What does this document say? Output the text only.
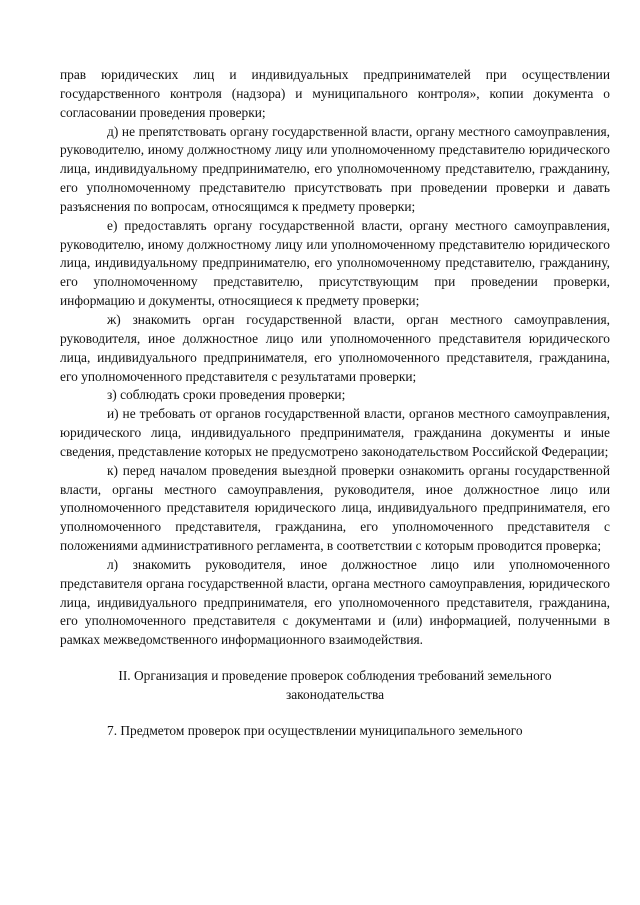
прав юридических лиц и индивидуальных предпринимателей при осуществлении государственного контроля (надзора) и муниципального контроля», копии документа о согласовании проведения проверки;

д) не препятствовать органу государственной власти, органу местного самоуправления, руководителю, иному должностному лицу или уполномоченному представителю юридического лица, индивидуальному предпринимателю, его уполномоченному представителю, гражданину, его уполномоченному представителю присутствовать при проведении проверки и давать разъяснения по вопросам, относящимся к предмету проверки;

е) предоставлять органу государственной власти, органу местного самоуправления, руководителю, иному должностному лицу или уполномоченному представителю юридического лица, индивидуальному предпринимателю, его уполномоченному представителю, гражданину, его уполномоченному представителю, присутствующим при проведении проверки, информацию и документы, относящиеся к предмету проверки;

ж) знакомить орган государственной власти, орган местного самоуправления, руководителя, иное должностное лицо или уполномоченного представителя юридического лица, индивидуального предпринимателя, его уполномоченного представителя, гражданина, его уполномоченного представителя с результатами проверки;

з) соблюдать сроки проведения проверки;

и) не требовать от органов государственной власти, органов местного самоуправления, юридического лица, индивидуального предпринимателя, гражданина документы и иные сведения, представление которых не предусмотрено законодательством Российской Федерации;

к) перед началом проведения выездной проверки ознакомить органы государственной власти, органы местного самоуправления, руководителя, иное должностное лицо или уполномоченного представителя юридического лица, индивидуального предпринимателя, его уполномоченного представителя, гражданина, его уполномоченного представителя с положениями административного регламента, в соответствии с которым проводится проверка;

л) знакомить руководителя, иное должностное лицо или уполномоченного представителя органа государственной власти, органа местного самоуправления, юридического лица, индивидуального предпринимателя, его уполномоченного представителя, гражданина, его уполномоченного представителя с документами и (или) информацией, полученными в рамках межведомственного информационного взаимодействия.

II. Организация и проведение проверок соблюдения требований земельного законодательства

7. Предметом проверок при осуществлении муниципального земельного
